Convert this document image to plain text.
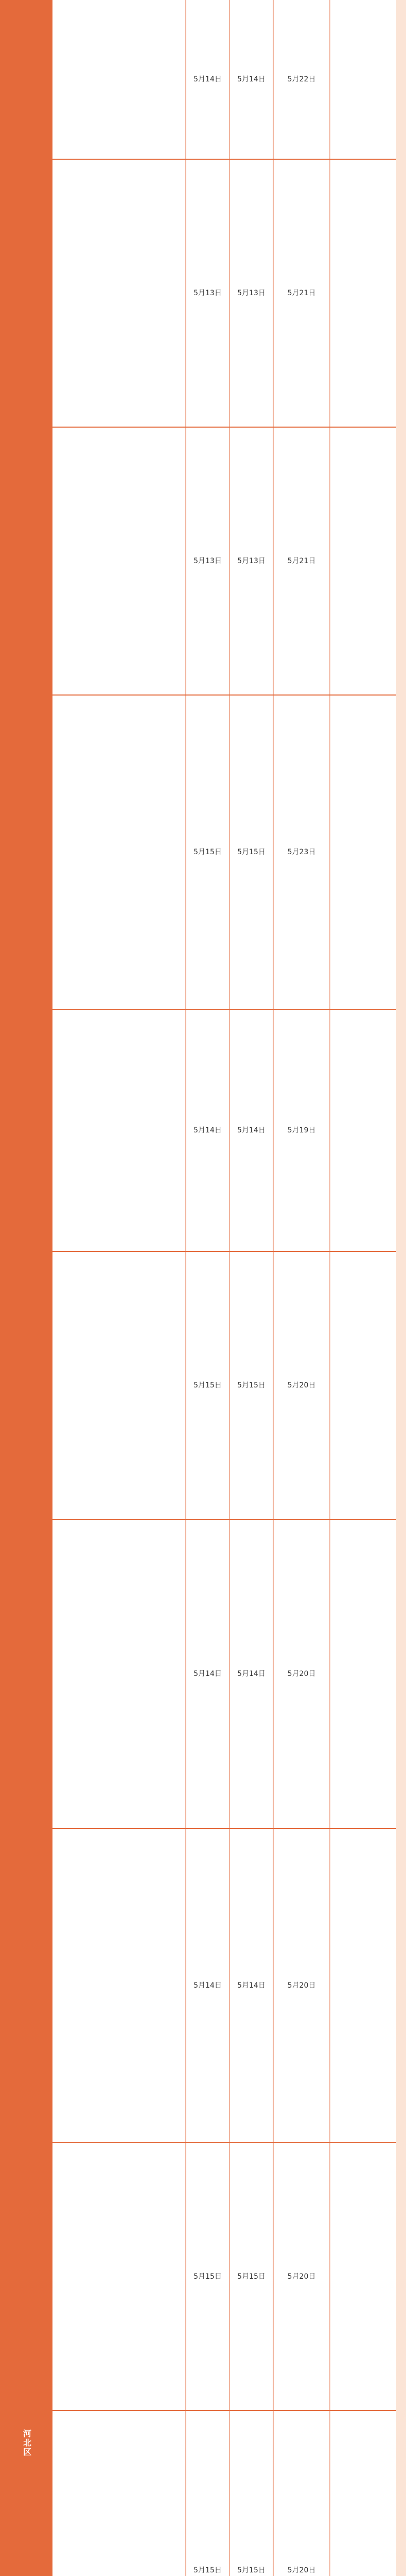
河北区
5月14日	5月14日	5月22日
5月13日	5月13日	5月21日
5月13日	5月13日	5月21日
5月15日	5月15日	5月23日
5月14日	5月14日	5月19日
5月15日	5月15日	5月20日
5月14日	5月14日	5月20日
5月14日	5月14日	5月20日
5月15日	5月15日	5月20日
5月15日	5月15日	5月20日
